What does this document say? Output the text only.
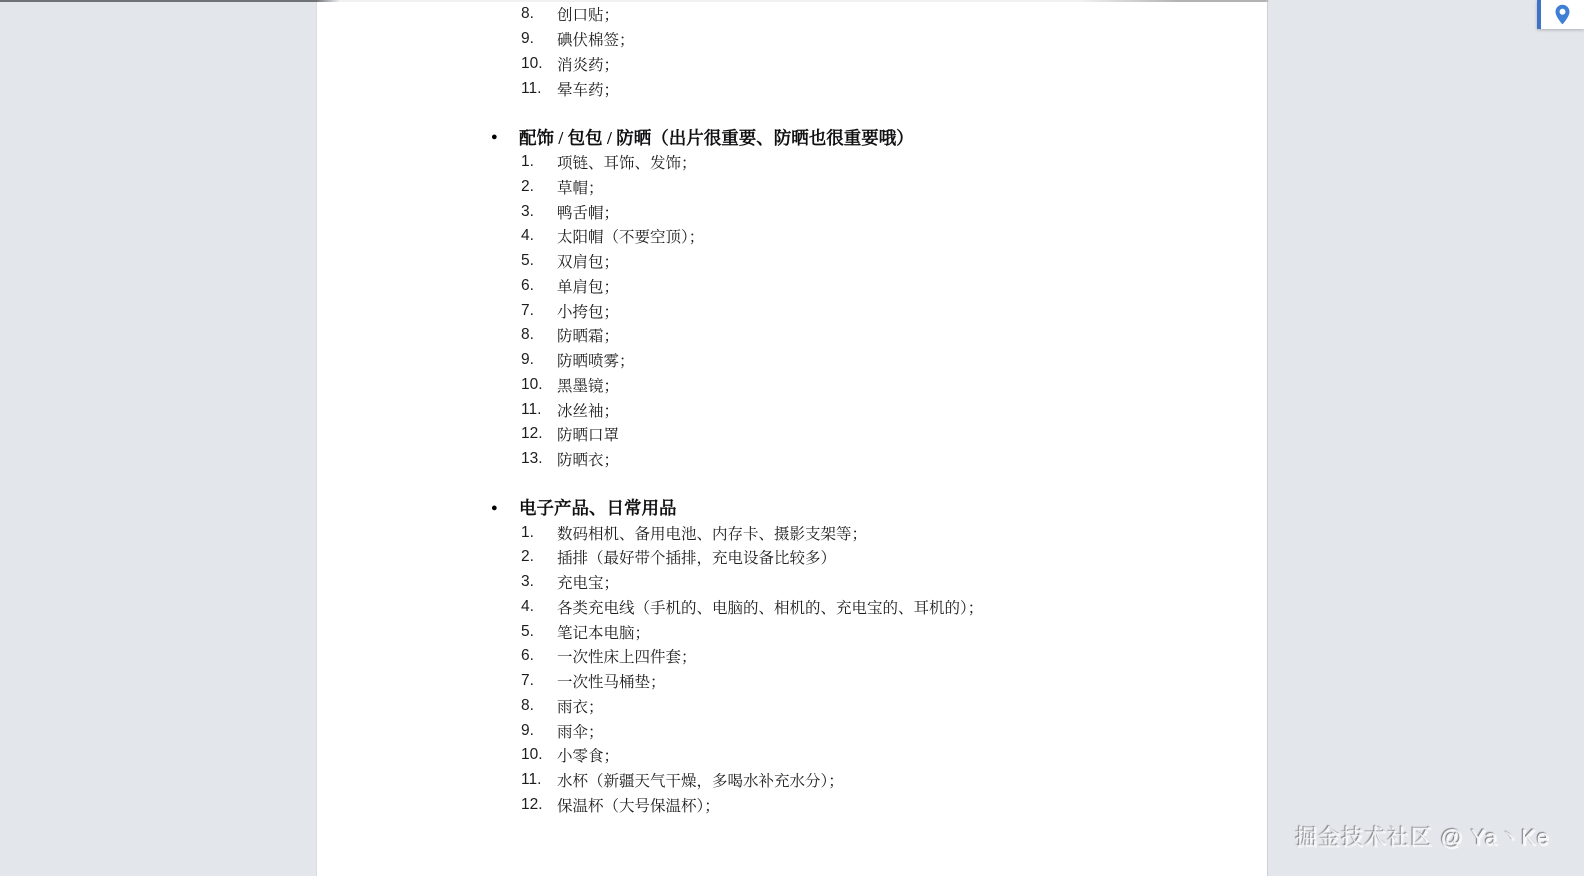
8.	创口贴；
9.	碘伏棉签；
10. 消炎药；
11.	晕车药；
●	配饰 / 包包 / 防晒（出片很重要、防晒也很重要哦）
1.	项链、耳饰、发饰；
2.	草帽；
3.	鸭舌帽；
4.	太阳帽（不要空顶）；
5.	双肩包；
6.	单肩包；
7.	小挎包；
8.	防晒霜；
9.	防晒喷雾；
10. 黑墨镜；
11.	冰丝袖；
12. 防晒口罩
13. 防晒衣；
●	电子产品、日常用品
1.	数码相机、备用电池、内存卡、摄影支架等；
2.	插排（最好带个插排，充电设备比较多）
3.	充电宝；
4.	各类充电线（手机的、电脑的、相机的、充电宝的、耳机的）；
5.	笔记本电脑；
6.	一次性床上四件套；
7.	一次性马桶垫；
8.	雨衣；
9.	雨伞；
10. 小零食；
11.	水杯（新疆天气干燥，多喝水补充水分）；
12. 保温杯（大号保温杯）；
掘金技术社区 @ Ya丶Ke
